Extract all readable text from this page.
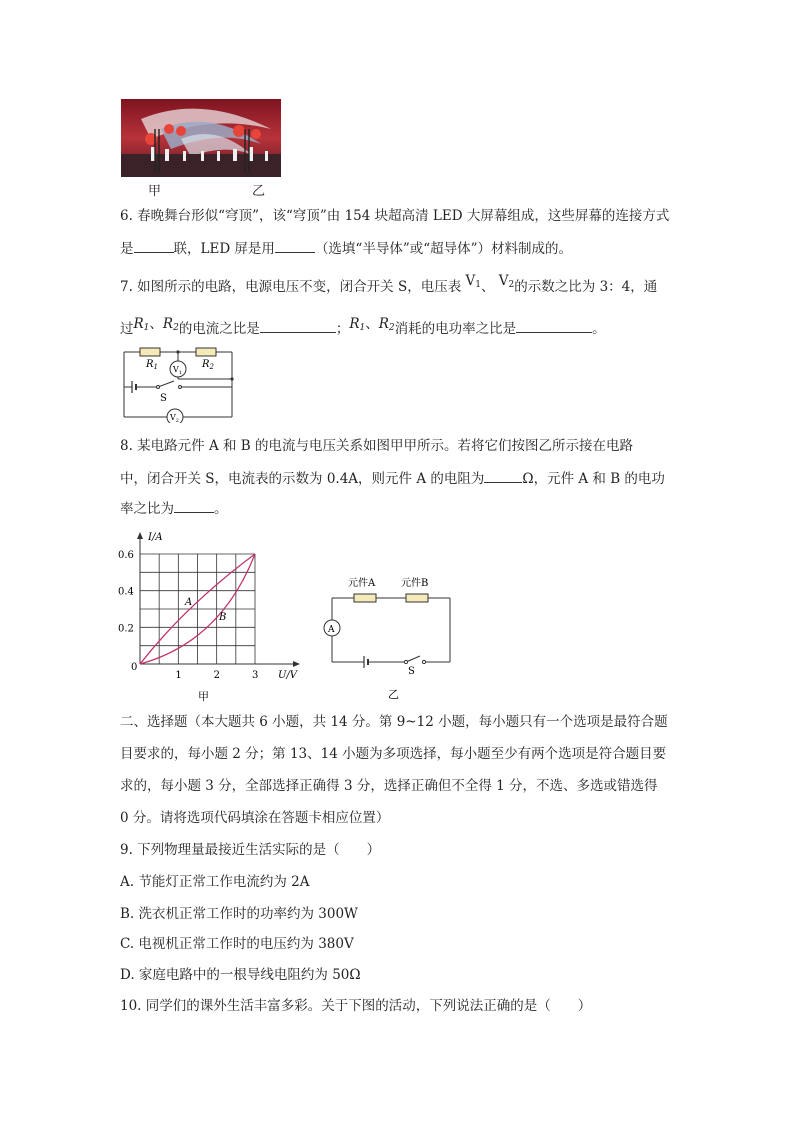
甲	乙
6. 春晚舞台形似“穹顶”，该“穹顶”由 154 块超高清 LED 大屏幕组成，这些屏幕的连接方式
是	联，LED 屏是用	（选填“半导体”或“超导体”）材料制成的。
7. 如图所示的电路，电源电压不变，闭合开关 S，电压表 $V_1$、 $V_2$的示数之比为 3：4，通
过$R_1$、$R_2$的电流之比是	；$R_1$、$R_2$消耗的电功率之比是	。
$R_1$	$R_2$
$V_1$
$V_2$
S
8. 某电路元件 A 和 B 的电流与电压关系如图甲甲所示。若将它们按图乙所示接在电路
中，闭合开关 S，电流表的示数为 0.4A，则元件 A 的电阻为	Ω，元件 A 和 B 的电功
率之比为	。
I/A
U/V
0
0.6
0.4
0.2
1	2	3
A
B
甲
A
元件A	元件B
S
乙
二、选择题（本大题共 6 小题，共 14 分。第 9~12 小题，每小题只有一个选项是最符合题
目要求的，每小题 2 分；第 13、14 小题为多项选择，每小题至少有两个选项是符合题目要
求的，每小题 3 分，全部选择正确得 3 分，选择正确但不全得 1 分，不选、多选或错选得
0 分。请将选项代码填涂在答题卡相应位置）
9. 下列物理量最接近生活实际的是（　　）
A. 节能灯正常工作电流约为 2A
B. 洗衣机正常工作时的功率约为 300W
C. 电视机正常工作时的电压约为 380V
D. 家庭电路中的一根导线电阻约为 50Ω
10. 同学们的课外生活丰富多彩。关于下图的活动，下列说法正确的是（　　）
